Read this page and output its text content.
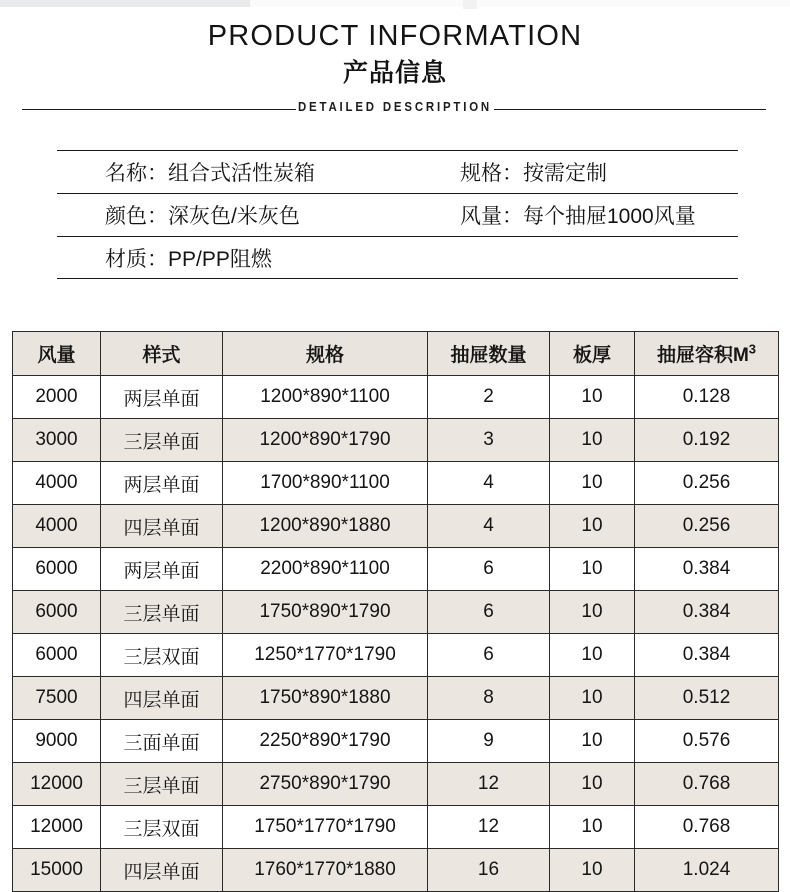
PRODUCT INFORMATION
产品信息
DETAILED DESCRIPTION
名称：组合式活性炭箱	规格：按需定制
颜色：深灰色/米灰色	风量：每个抽屉1000风量
材质：PP/PP阻燃
风量	样式	规格	抽屉数量	板厚	抽屉容积$M^3$
2000	两层单面	1200*890*1100	2	10	0.128
3000	三层单面	1200*890*1790	3	10	0.192
4000	两层单面	1700*890*1100	4	10	0.256
4000	四层单面	1200*890*1880	4	10	0.256
6000	两层单面	2200*890*1100	6	10	0.384
6000	三层单面	1750*890*1790	6	10	0.384
6000	三层双面	1250*1770*1790	6	10	0.384
7500	四层单面	1750*890*1880	8	10	0.512
9000	三面单面	2250*890*1790	9	10	0.576
12000	三层单面	2750*890*1790	12	10	0.768
12000	三层双面	1750*1770*1790	12	10	0.768
15000	四层单面	1760*1770*1880	16	10	1.024
